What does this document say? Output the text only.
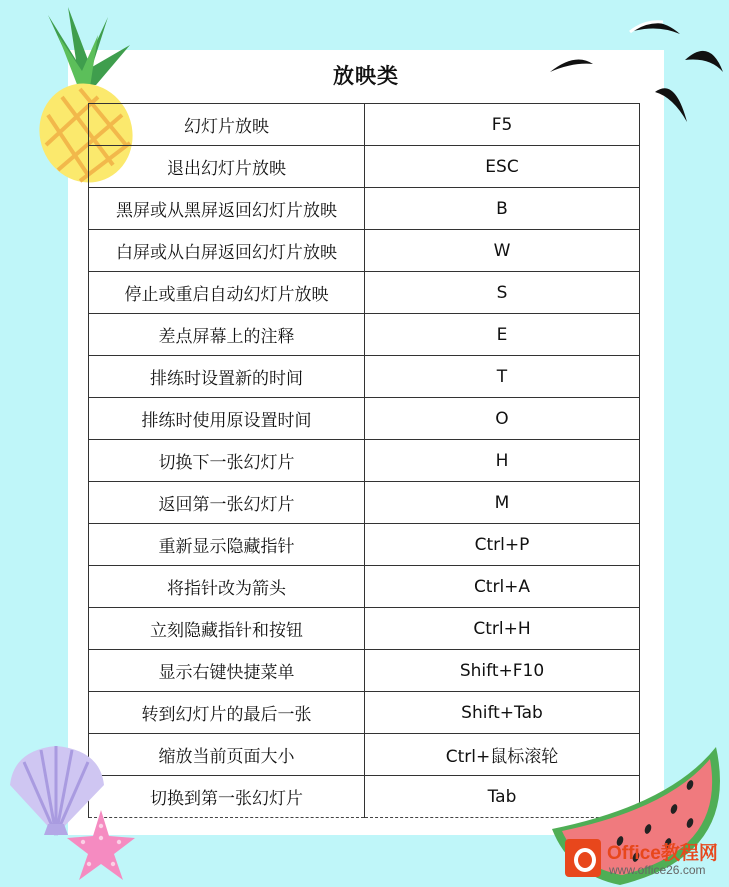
放映类
幻灯片放映	F5
退出幻灯片放映	ESC
黑屏或从黑屏返回幻灯片放映	B
白屏或从白屏返回幻灯片放映	W
停止或重启自动幻灯片放映	S
差点屏幕上的注释	E
排练时设置新的时间	T
排练时使用原设置时间	O
切换下一张幻灯片	H
返回第一张幻灯片	M
重新显示隐藏指针	Ctrl+P
将指针改为箭头	Ctrl+A
立刻隐藏指针和按钮	Ctrl+H
显示右键快捷菜单	Shift+F10
转到幻灯片的最后一张	Shift+Tab
缩放当前页面大小	Ctrl+鼠标滚轮
切换到第一张幻灯片	Tab
Office教程网
www.office26.com
